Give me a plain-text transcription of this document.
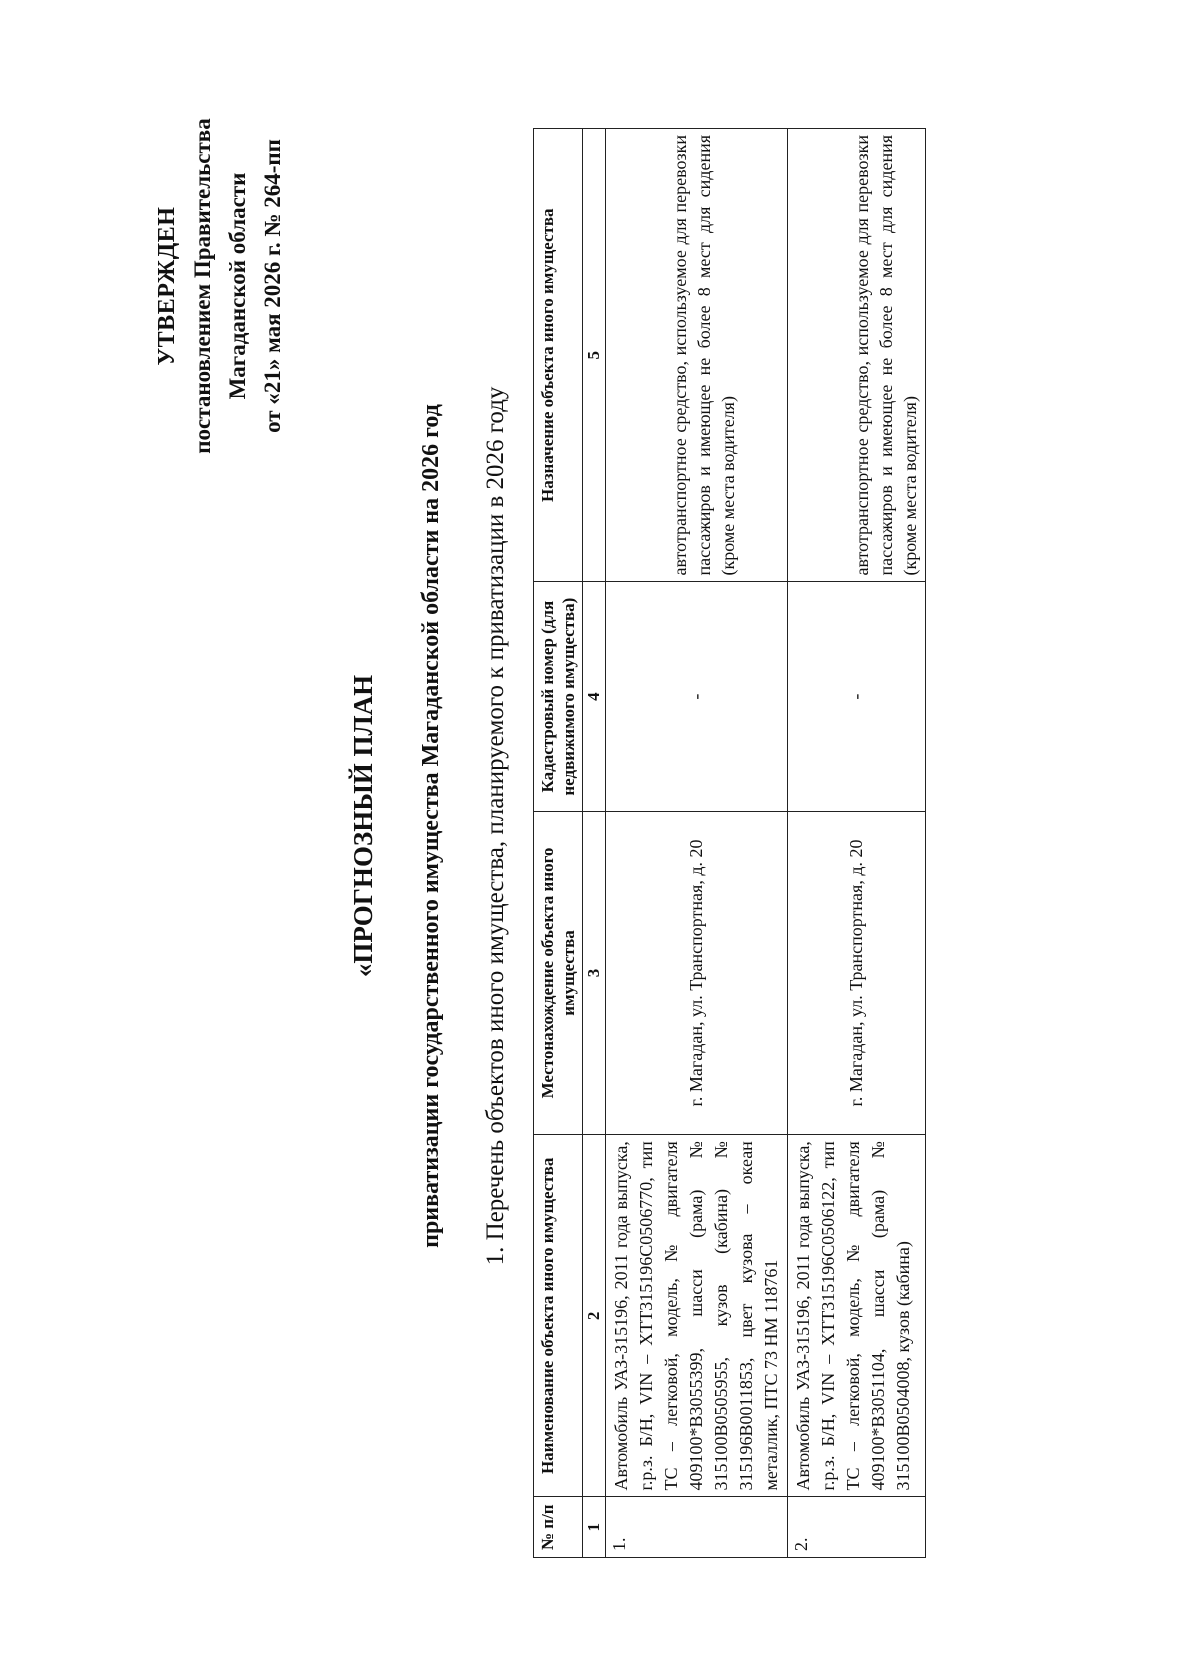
УТВЕРЖДЕН постановлением Правительства Магаданской области от «21» мая 2026 г. № 264-пп
«ПРОГНОЗНЫЙ ПЛАН приватизации государственного имущества Магаданской области на 2026 год 1. Перечень объектов иного имущества, планируемого к приватизации в 2026 году
№ п/п	Наименование объекта иного имущества	Местонахождение объекта иного имущества	Кадастровый номер (для недвижимого имущества)	Назначение объекта иного имущества
1	2	3	4	5
1.	Автомобиль УАЗ-315196, 2011 года выпуска, г.р.з. Б/Н, VIN – XTT315196C0506770, тип ТС – легковой, модель, № двигателя 409100*B3055399, шасси (рама) № 315100B0505955, кузов (кабина) № 315196B0011853, цвет кузова – океан металлик, ПТС 73 НМ 118761	г. Магадан, ул. Транспортная, д. 20	-	автотранспортное средство, используемое для перевозки пассажиров и имеющее не более 8 мест для сидения (кроме места водителя)
2.	Автомобиль УАЗ-315196, 2011 года выпуска, г.р.з. Б/Н, VIN – XTT315196C0506122, тип ТС – легковой, модель, № двигателя 409100*B3051104, шасси (рама) № 315100B0504008, кузов (кабина)	г. Магадан, ул. Транспортная, д. 20	-	автотранспортное средство, используемое для перевозки пассажиров и имеющее не более 8 мест для сидения (кроме места водителя)
